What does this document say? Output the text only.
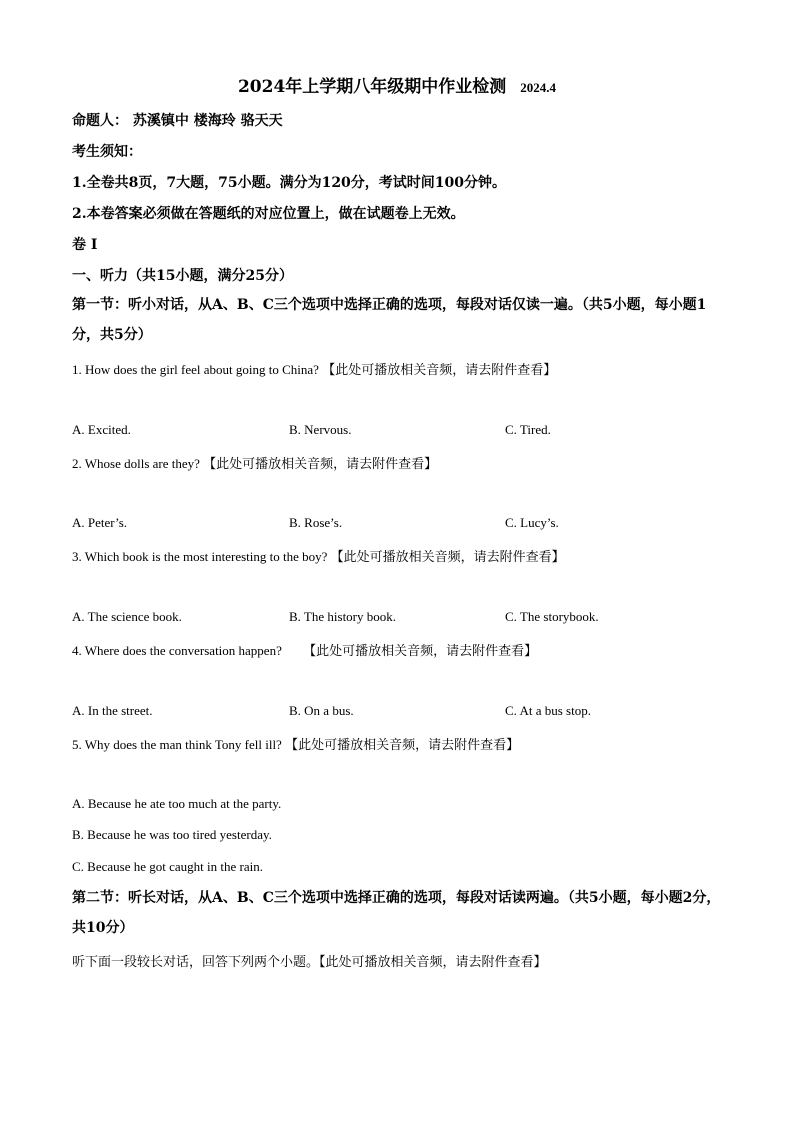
2024年上学期八年级期中作业检测 2024.4
命题人： 苏溪镇中 楼海玲 骆天天
考生须知：
1.全卷共8页，7大题，75小题。满分为120分，考试时间100分钟。
2.本卷答案必须做在答题纸的对应位置上，做在试题卷上无效。
卷 I
一、听力（共15小题，满分25分）
第一节：听小对话，从A、B、C三个选项中选择正确的选项，每段对话仅读一遍。（共5小题，每小题1分，共5分）
1. How does the girl feel about going to China? 【此处可播放相关音频，请去附件查看】
A. Excited.	B. Nervous.	C. Tired.
2. Whose dolls are they? 【此处可播放相关音频，请去附件查看】
A. Peter’s.	B. Rose’s.	C. Lucy’s.
3. Which book is the most interesting to the boy? 【此处可播放相关音频，请去附件查看】
A. The science book.	B. The history book.	C. The storybook.
4. Where does the conversation happen? 【此处可播放相关音频，请去附件查看】
A. In the street.	B. On a bus.	C. At a bus stop.
5. Why does the man think Tony fell ill? 【此处可播放相关音频，请去附件查看】
A. Because he ate too much at the party.
B. Because he was too tired yesterday.
C. Because he got caught in the rain.
第二节：听长对话，从A、B、C三个选项中选择正确的选项，每段对话读两遍。（共5小题，每小题2分，共10分）
听下面一段较长对话，回答下列两个小题。【此处可播放相关音频，请去附件查看】
